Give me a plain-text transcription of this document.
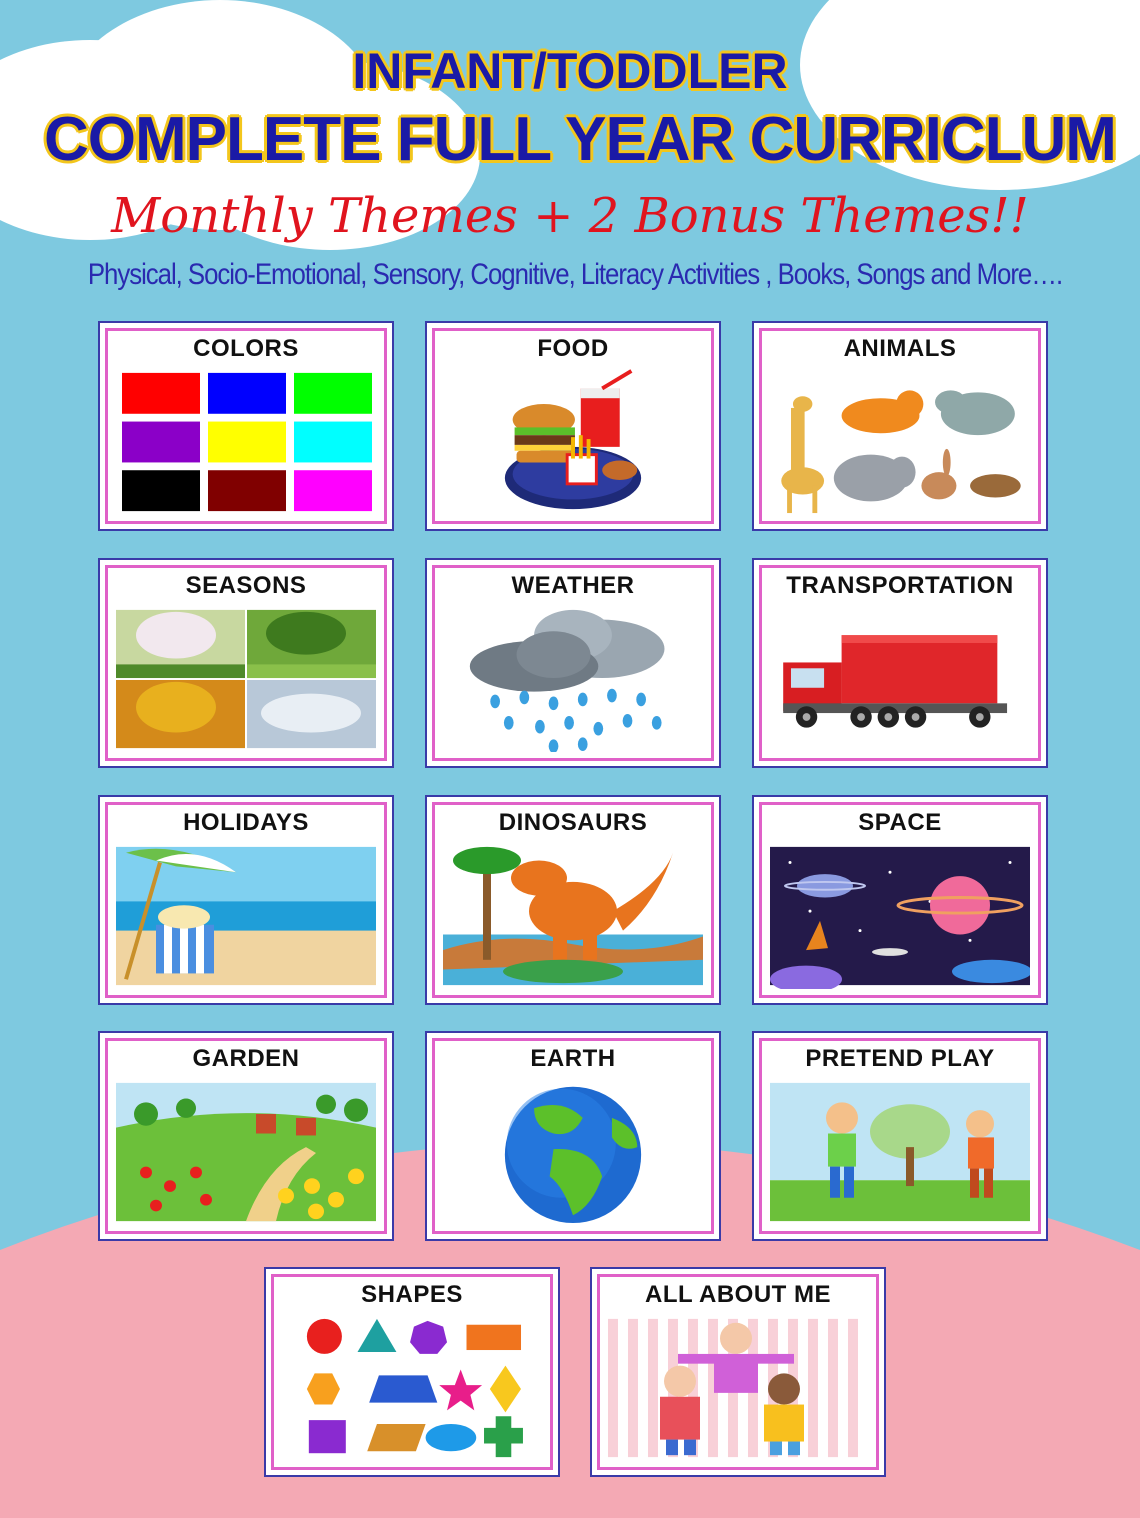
INFANT/TODDLER
COMPLETE FULL YEAR CURRICLUM
Monthly Themes + 2 Bonus Themes!!
Physical, Socio-Emotional, Sensory, Cognitive, Literacy Activities , Books, Songs and More….
COLORS	FOOD	ANIMALS
SEASONS	WEATHER	TRANSPORTATION
HOLIDAYS	DINOSAURS	SPACE
GARDEN	EARTH	PRETEND PLAY
SHAPES	ALL ABOUT ME
